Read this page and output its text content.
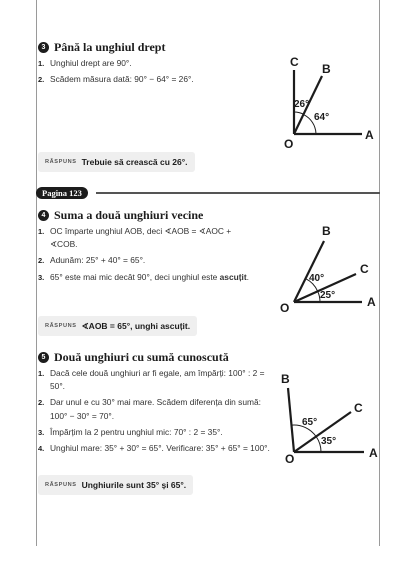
3 Până la unghiul drept
1. Unghiul drept are 90°.
2. Scădem măsura dată: 90° − 64° = 26°.
RĂSPUNS Trebuie să crească cu 26°.
C B
O
A
26°
64°
Pagina 123
4 Suma a două unghiuri vecine
1. OC împarte unghiul AOB, deci ∢AOB = ∢AOC + ∢COB.
2. Adunăm: 25° + 40° = 65°.
3. 65° este mai mic decât 90°, deci unghiul este ascuțit.
RĂSPUNS ∢AOB = 65°, unghi ascuțit.
B
C
O	A
40°
25°
5 Două unghiuri cu sumă cunoscută
1. Dacă cele două unghiuri ar fi egale, am împărți: 100° : 2 = 50°.
2. Dar unul e cu 30° mai mare. Scădem diferența din sumă: 100° − 30° = 70°.
3. Împărțim la 2 pentru unghiul mic: 70° : 2 = 35°.
4. Unghiul mare: 35° + 30° = 65°. Verificare: 35° + 65° = 100°.
RĂSPUNS Unghiurile sunt 35° și 65°.
B
C
O	A
65°
35°
